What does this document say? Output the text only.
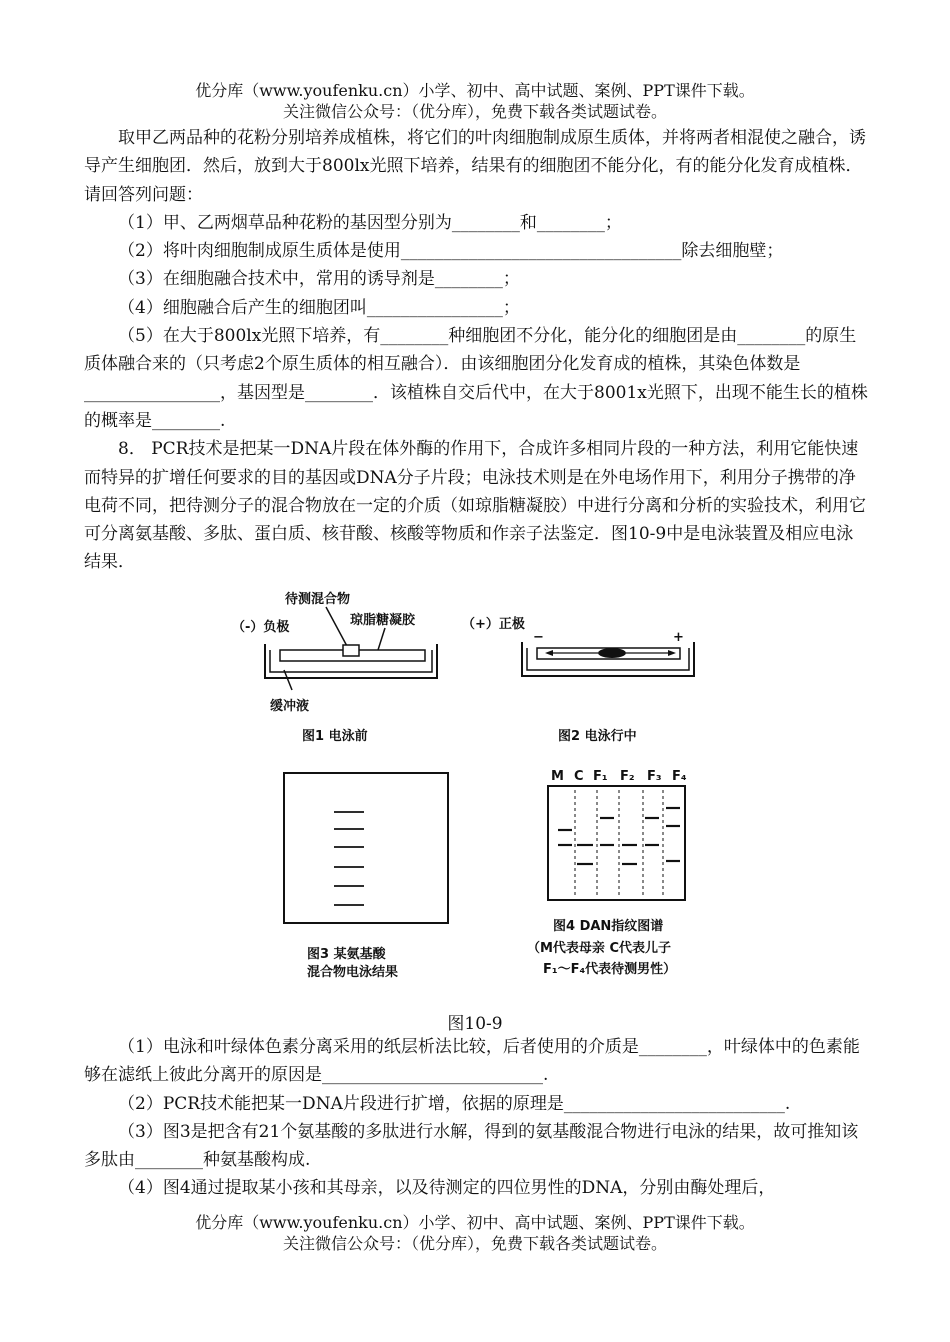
优分库（www.youfenku.cn）小学、初中、高中试题、案例、PPT课件下载。
关注微信公众号：（优分库），免费下载各类试题试卷。

取甲乙两品种的花粉分别培养成植株，将它们的叶肉细胞制成原生质体，并将两者相混使之融合，诱导产生细胞团．然后，放到大于800lx光照下培养，结果有的细胞团不能分化，有的能分化发育成植株．请回答列问题：

（1）甲、乙两烟草品种花粉的基因型分别为________和________；

（2）将叶肉细胞制成原生质体是使用_________________________________除去细胞壁；

（3）在细胞融合技术中，常用的诱导剂是________；

（4）细胞融合后产生的细胞团叫________________；

（5）在大于800lx光照下培养，有________种细胞团不分化，能分化的细胞团是由________的原生质体融合来的（只考虑2个原生质体的相互融合）．由该细胞团分化发育成的植株，其染色体数是________________，基因型是________．该植株自交后代中，在大于8001x光照下，出现不能生长的植株的概率是________.

8． PCR技术是把某一DNA片段在体外酶的作用下，合成许多相同片段的一种方法，利用它能快速而特异的扩增任何要求的目的基因或DNA分子片段；电泳技术则是在外电场作用下，利用分子携带的净电荷不同，把待测分子的混合物放在一定的介质（如琼脂糖凝胶）中进行分离和分析的实验技术，利用它可分离氨基酸、多肽、蛋白质、核苷酸、核酸等物质和作亲子法鉴定．图10-9中是电泳装置及相应电泳结果．

待测混合物
琼脂糖凝胶
（-）负极
缓冲液
图1 电泳前
（+）正极
−	+
图2 电泳行中
图3 某氨基酸
混合物电泳结果
M C F₁ F₂ F₃ F₄
图4 DAN指纹图谱
（M代表母亲 C代表儿子
F₁～F₄代表待测男性）
图10-9

（1）电泳和叶绿体色素分离采用的纸层析法比较，后者使用的介质是________，叶绿体中的色素能够在滤纸上彼此分离开的原因是__________________________.

（2）PCR技术能把某一DNA片段进行扩增，依据的原理是__________________________.

（3）图3是把含有21个氨基酸的多肽进行水解，得到的氨基酸混合物进行电泳的结果，故可推知该多肽由________种氨基酸构成.

（4）图4通过提取某小孩和其母亲，以及待测定的四位男性的DNA，分别由酶处理后，

优分库（www.youfenku.cn）小学、初中、高中试题、案例、PPT课件下载。
关注微信公众号：（优分库），免费下载各类试题试卷。
